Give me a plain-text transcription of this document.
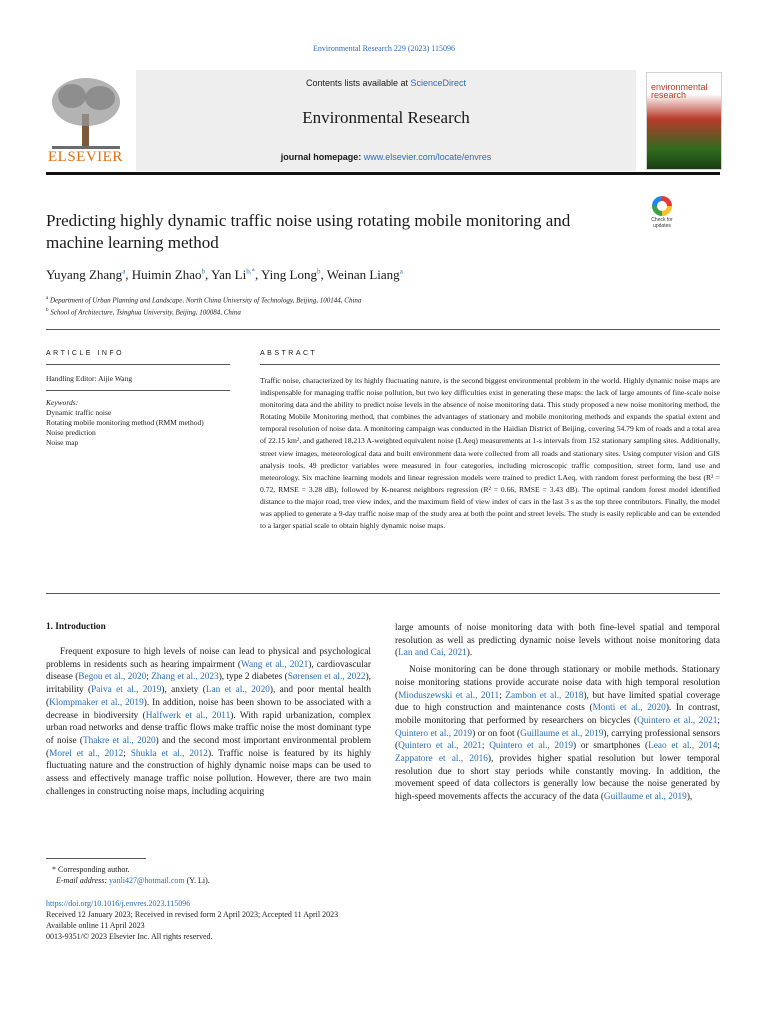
Environmental Research 229 (2023) 115096
ELSEVIER
Contents lists available at ScienceDirect
Environmental Research
journal homepage: www.elsevier.com/locate/envres
environmental
research
Predicting highly dynamic traffic noise using rotating mobile monitoring and machine learning method
Check for
updates
Yuyang Zhang$^a$, Huimin Zhao$^b$, Yan $Li^{b,*}$, Ying Long$^b$, Weinan Liang$^a$
$^a$ Department of Urban Planning and Landscape, North China University of Technology, Beijing, 100144, China
$^b$ School of Architecture, Tsinghua University, Beijing, 100084, China
ARTICLE INFO	ABSTRACT
Handling Editor: Aijie Wang
Keywords:
Dynamic traffic noise
Rotating mobile monitoring method (RMM method)
Noise prediction
Noise map
Traffic noise, characterized by its highly fluctuating nature, is the second biggest environmental problem in the world. Highly dynamic noise maps are indispensable for managing traffic noise pollution, but two key difficulties exist in generating these maps: the lack of large amounts of fine-scale noise monitoring data and the ability to predict noise levels in the absence of noise monitoring data. This study proposed a new noise monitoring method, the Rotating Mobile Monitoring method, that combines the advantages of stationary and mobile monitoring methods and expands the spatial extent and temporal resolution of noise data. A monitoring campaign was conducted in the Haidian District of Beijing, covering 54.79 km of roads and a total area of 22.15 km², and gathered 18,213 A-weighted equivalent noise (LAeq) measurements at 1-s intervals from 152 stationary sampling sites. Additionally, street view images, meteorological data and built environment data were collected from all roads and stationary sites. Using computer vision and GIS analysis tools, 49 predictor variables were measured in four categories, including microscopic traffic composition, street form, land use and meteorology. Six machine learning models and linear regression models were trained to predict LAeq, with random forest performing the best (R² = 0.72, RMSE = 3.28 dB), followed by K-nearest neighbors regression (R² = 0.66, RMSE = 3.43 dB). The optimal random forest model identified distance to the major road, tree view index, and the maximum field of view index of cars in the last 3 s as the top three contributors. Finally, the model was applied to generate a 9-day traffic noise map of the study area at both the point and street levels. The study is easily replicable and can be extended to a larger spatial scale to obtain highly dynamic noise maps.
1. Introduction

Frequent exposure to high levels of noise can lead to physical and psychological problems in residents such as hearing impairment (Wang et al., 2021), cardiovascular disease (Begou et al., 2020; Zhang et al., 2023), type 2 diabetes (Sørensen et al., 2022), irritability (Paiva et al., 2019), anxiety (Lan et al., 2020), and poor mental health (Klompmaker et al., 2019). In addition, noise has been shown to be associated with a decrease in biodiversity (Halfwerk et al., 2011). With rapid urbanization, complex urban road networks and dense traffic flows make traffic noise the most dominant type of noise (Thakre et al., 2020) and the second most important environmental problem (Morel et al., 2012; Shukla et al., 2012). Traffic noise is featured by its highly fluctuating nature and the construction of highly dynamic noise maps can be used to assess and effectively manage traffic noise pollution. However, there are two main challenges in constructing noise maps, including acquiring

large amounts of noise monitoring data with both fine-level spatial and temporal resolution as well as predicting dynamic noise levels without noise monitoring data (Lan and Cai, 2021).

Noise monitoring can be done through stationary or mobile methods. Stationary noise monitoring stations provide accurate noise data with high temporal resolution (Mioduszewski et al., 2011; Zambon et al., 2018), but have limited spatial coverage due to high construction and maintenance costs (Monti et al., 2020). In contrast, mobile monitoring that performed by researchers on bicycles (Quintero et al., 2021; Quintero et al., 2019) or on foot (Guillaume et al., 2019), carrying professional sensors (Quintero et al., 2021; Quintero et al., 2019) or smartphones (Leao et al., 2014; Zappatore et al., 2016), provides higher spatial resolution but lower temporal resolution due to short stay periods while constantly moving. In addition, the movement speed of data collectors is generally low because the noise generated by high-speed movements affects the accuracy of the data (Guillaume et al., 2019),

* Corresponding author.
E-mail address: yanli427@hotmail.com (Y. Li).
https://doi.org/10.1016/j.envres.2023.115096
Received 12 January 2023; Received in revised form 2 April 2023; Accepted 11 April 2023
Available online 11 April 2023
0013-9351/© 2023 Elsevier Inc. All rights reserved.
